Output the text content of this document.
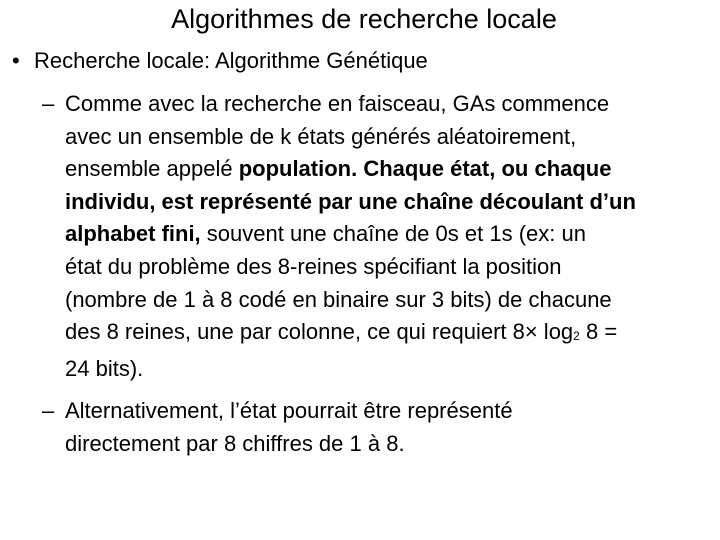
Algorithmes de recherche locale
• Recherche locale: Algorithme Génétique
– Comme avec la recherche en faisceau, GAs commence
avec un ensemble de k états générés aléatoirement,
ensemble appelé population. Chaque état, ou chaque
individu, est représenté par une chaîne découlant d’un
alphabet fini, souvent une chaîne de 0s et 1s (ex: un
état du problème des 8-reines spécifiant la position
(nombre de 1 à 8 codé en binaire sur 3 bits) de chacune
des 8 reines, une par colonne, ce qui requiert $8\times \log_2 8$ =
24 bits).
– Alternativement, l’état pourrait être représenté
directement par 8 chiffres de 1 à 8.
